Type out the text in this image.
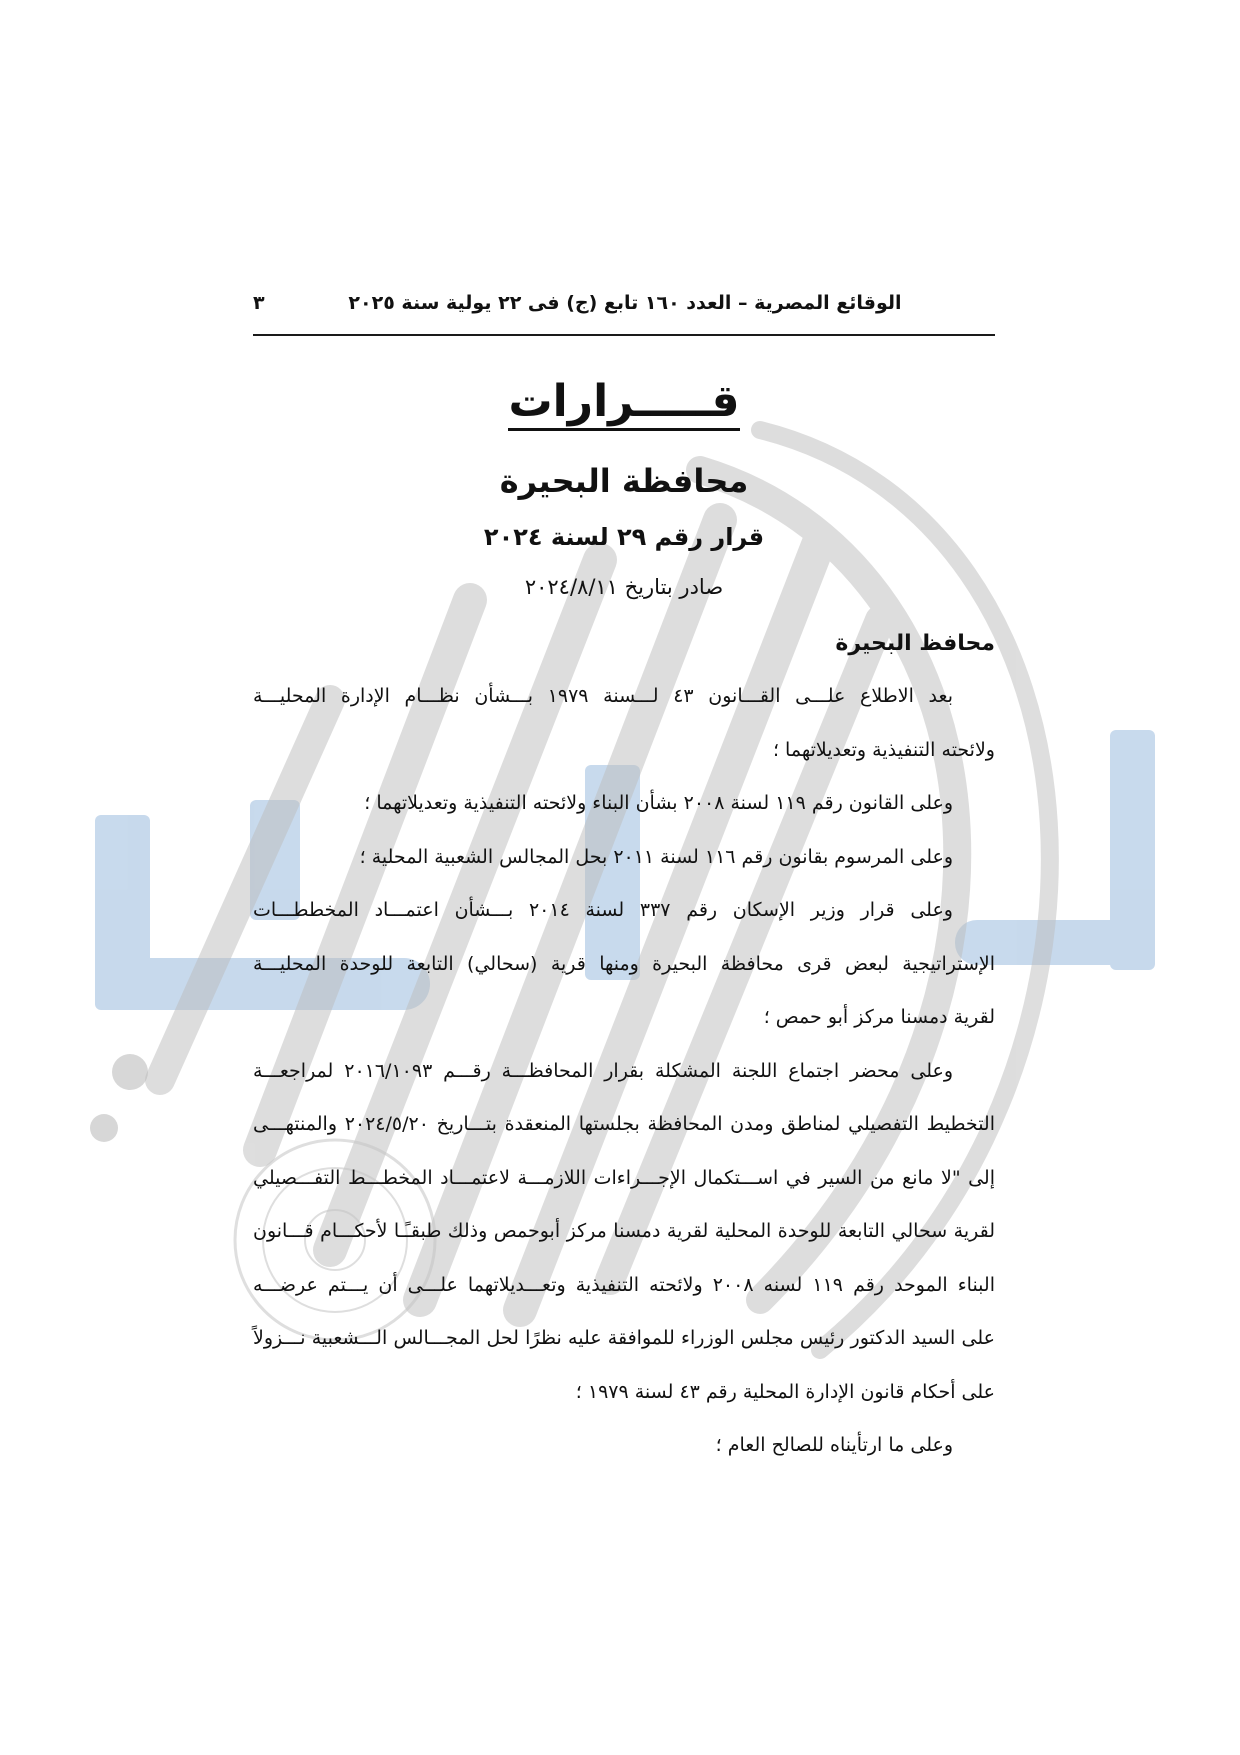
الوقائع المصرية – العدد ١٦٠ تابع (ج) فى ٢٢ يولية سنة ٢٠٢٥
٣
قـــــرارات
محافظة البحيرة
قرار رقم ٢٩ لسنة ٢٠٢٤
صادر بتاريخ ٢٠٢٤/٨/١١
محافظ البحيرة
بعد الاطلاع علـــى القـــانون ٤٣ لـــسنة ١٩٧٩ بـــشأن نظـــام الإدارة المحليـــة
ولائحته التنفيذية وتعديلاتهما ؛
وعلى القانون رقم ١١٩ لسنة ٢٠٠٨ بشأن البناء ولائحته التنفيذية وتعديلاتهما ؛
وعلى المرسوم بقانون رقم ١١٦ لسنة ٢٠١١ بحل المجالس الشعبية المحلية ؛
وعلى قرار وزير الإسكان رقم ٣٣٧ لسنة ٢٠١٤ بـــشأن اعتمـــاد المخططـــات
الإستراتيجية لبعض قرى محافظة البحيرة ومنها قرية (سحالي) التابعة للوحدة المحليـــة
لقرية دمسنا مركز أبو حمص ؛
وعلى محضر اجتماع اللجنة المشكلة بقرار المحافظـــة رقـــم ٢٠١٦/١٠٩٣ لمراجعـــة
التخطيط التفصيلي لمناطق ومدن المحافظة بجلستها المنعقدة بتـــاريخ ٢٠٢٤/٥/٢٠ والمنتهـــى
إلى "لا مانع من السير في اســـتكمال الإجـــراءات اللازمـــة لاعتمـــاد المخطـــط التفـــصيلي
لقرية سحالي التابعة للوحدة المحلية لقرية دمسنا مركز أبوحمص وذلك طبقـًـا لأحكـــام قـــانون
البناء الموحد رقم ١١٩ لسنه ٢٠٠٨ ولائحته التنفيذية وتعـــديلاتهما علـــى أن يـــتم عرضـــه
على السيد الدكتور رئيس مجلس الوزراء للموافقة عليه نظرًا لحل المجـــالس الـــشعبية نـــزولاً
على أحكام قانون الإدارة المحلية رقم ٤٣ لسنة ١٩٧٩ ؛
وعلى ما ارتأيناه للصالح العام ؛
